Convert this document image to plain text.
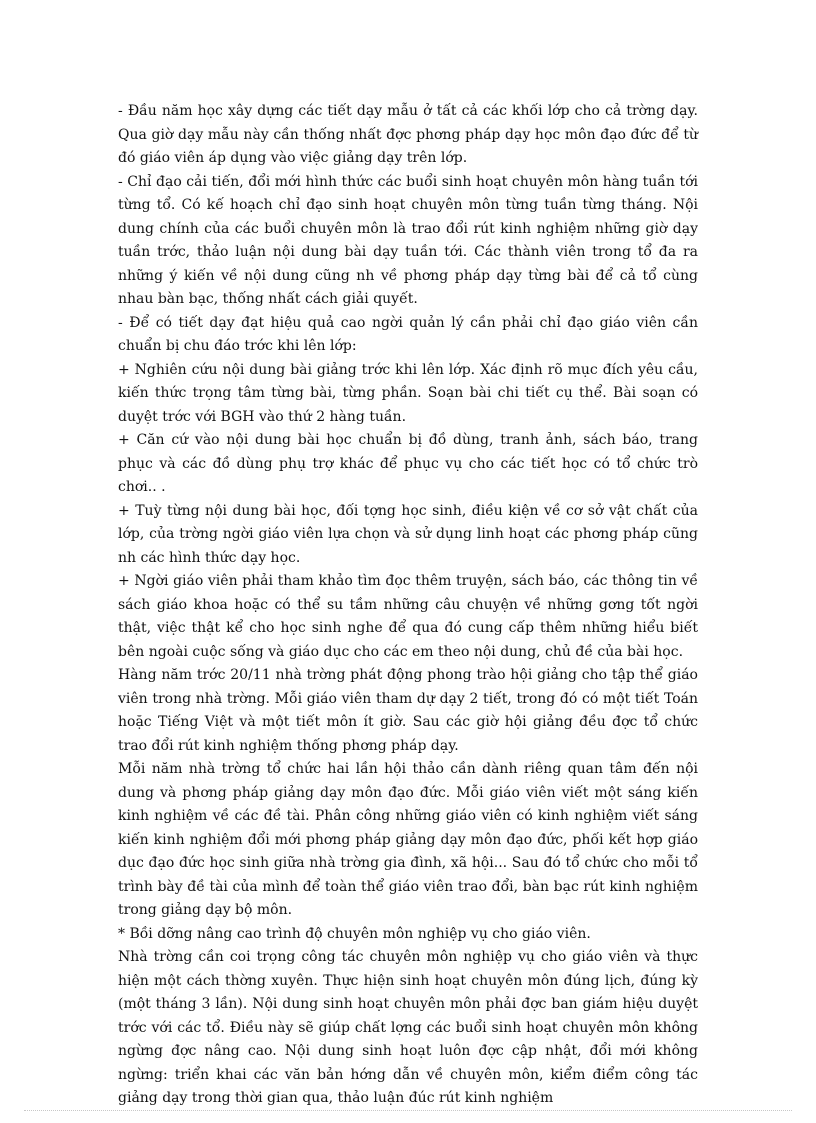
- Đầu năm học xây dựng các tiết dạy mẫu ở tất cả các khối lớp cho cả trờng dạy. Qua giờ dạy mẫu này cần thống nhất đợc phơng pháp dạy học môn đạo đức để từ đó giáo viên áp dụng vào việc giảng dạy trên lớp.

- Chỉ đạo cải tiến, đổi mới hình thức các buổi sinh hoạt chuyên môn hàng tuần tới từng tổ. Có kế hoạch chỉ đạo sinh hoạt chuyên môn từng tuần từng tháng. Nội dung chính của các buổi chuyên môn là trao đổi rút kinh nghiệm những giờ dạy tuần trớc, thảo luận nội dung bài dạy tuần tới. Các thành viên trong tổ đa ra những ý kiến về nội dung cũng nh về phơng pháp dạy từng bài để cả tổ cùng nhau bàn bạc, thống nhất cách giải quyết.

- Để có tiết dạy đạt hiệu quả cao ngời quản lý cần phải chỉ đạo giáo viên cần chuẩn bị chu đáo trớc khi lên lớp:

+ Nghiên cứu nội dung bài giảng trớc khi lên lớp. Xác định rõ mục đích yêu cầu, kiến thức trọng tâm từng bài, từng phần. Soạn bài chi tiết cụ thể. Bài soạn có duyệt trớc với BGH vào thứ 2 hàng tuần.

+ Căn cứ vào nội dung bài học chuẩn bị đồ dùng, tranh ảnh, sách báo, trang phục và các đồ dùng phụ trợ khác để phục vụ cho các tiết học có tổ chức trò chơi.. .

+ Tuỳ từng nội dung bài học, đối tợng học sinh, điều kiện về cơ sở vật chất của lớp, của trờng ngời giáo viên lựa chọn và sử dụng linh hoạt các phơng pháp cũng nh các hình thức dạy học.

+ Ngời giáo viên phải tham khảo tìm đọc thêm truyện, sách báo, các thông tin về sách giáo khoa hoặc có thể su tầm những câu chuyện về những gơng tốt ngời thật, việc thật kể cho học sinh nghe để qua đó cung cấp thêm những hiểu biết bên ngoài cuộc sống và giáo dục cho các em theo nội dung, chủ đề của bài học.

Hàng năm trớc 20/11 nhà trờng phát động phong trào hội giảng cho tập thể giáo viên trong nhà trờng. Mỗi giáo viên tham dự dạy 2 tiết, trong đó có một tiết Toán hoặc Tiếng Việt và một tiết môn ít giờ. Sau các giờ hội giảng đều đợc tổ chức trao đổi rút kinh nghiệm thống phơng pháp dạy.

Mỗi năm nhà trờng tổ chức hai lần hội thảo cần dành riêng quan tâm đến nội dung và phơng pháp giảng dạy môn đạo đức. Mỗi giáo viên viết một sáng kiến kinh nghiệm về các đề tài. Phân công những giáo viên có kinh nghiệm viết sáng kiến kinh nghiệm đổi mới phơng pháp giảng dạy môn đạo đức, phối kết hợp giáo dục đạo đức học sinh giữa nhà trờng gia đình, xã hội... Sau đó tổ chức cho mỗi tổ trình bày đề tài của mình để toàn thể giáo viên trao đổi, bàn bạc rút kinh nghiệm trong giảng dạy bộ môn.

* Bồi dỡng nâng cao trình độ chuyên môn nghiệp vụ cho giáo viên.

Nhà trờng cần coi trọng công tác chuyên môn nghiệp vụ cho giáo viên và thực hiện một cách thờng xuyên. Thực hiện sinh hoạt chuyên môn đúng lịch, đúng kỳ (một tháng 3 lần). Nội dung sinh hoạt chuyên môn phải đợc ban giám hiệu duyệt trớc với các tổ. Điều này sẽ giúp chất lợng các buổi sinh hoạt chuyên môn không ngừng đợc nâng cao. Nội dung sinh hoạt luôn đợc cập nhật, đổi mới không ngừng: triển khai các văn bản hớng dẫn về chuyên môn, kiểm điểm công tác giảng dạy trong thời gian qua, thảo luận đúc rút kinh nghiệm
